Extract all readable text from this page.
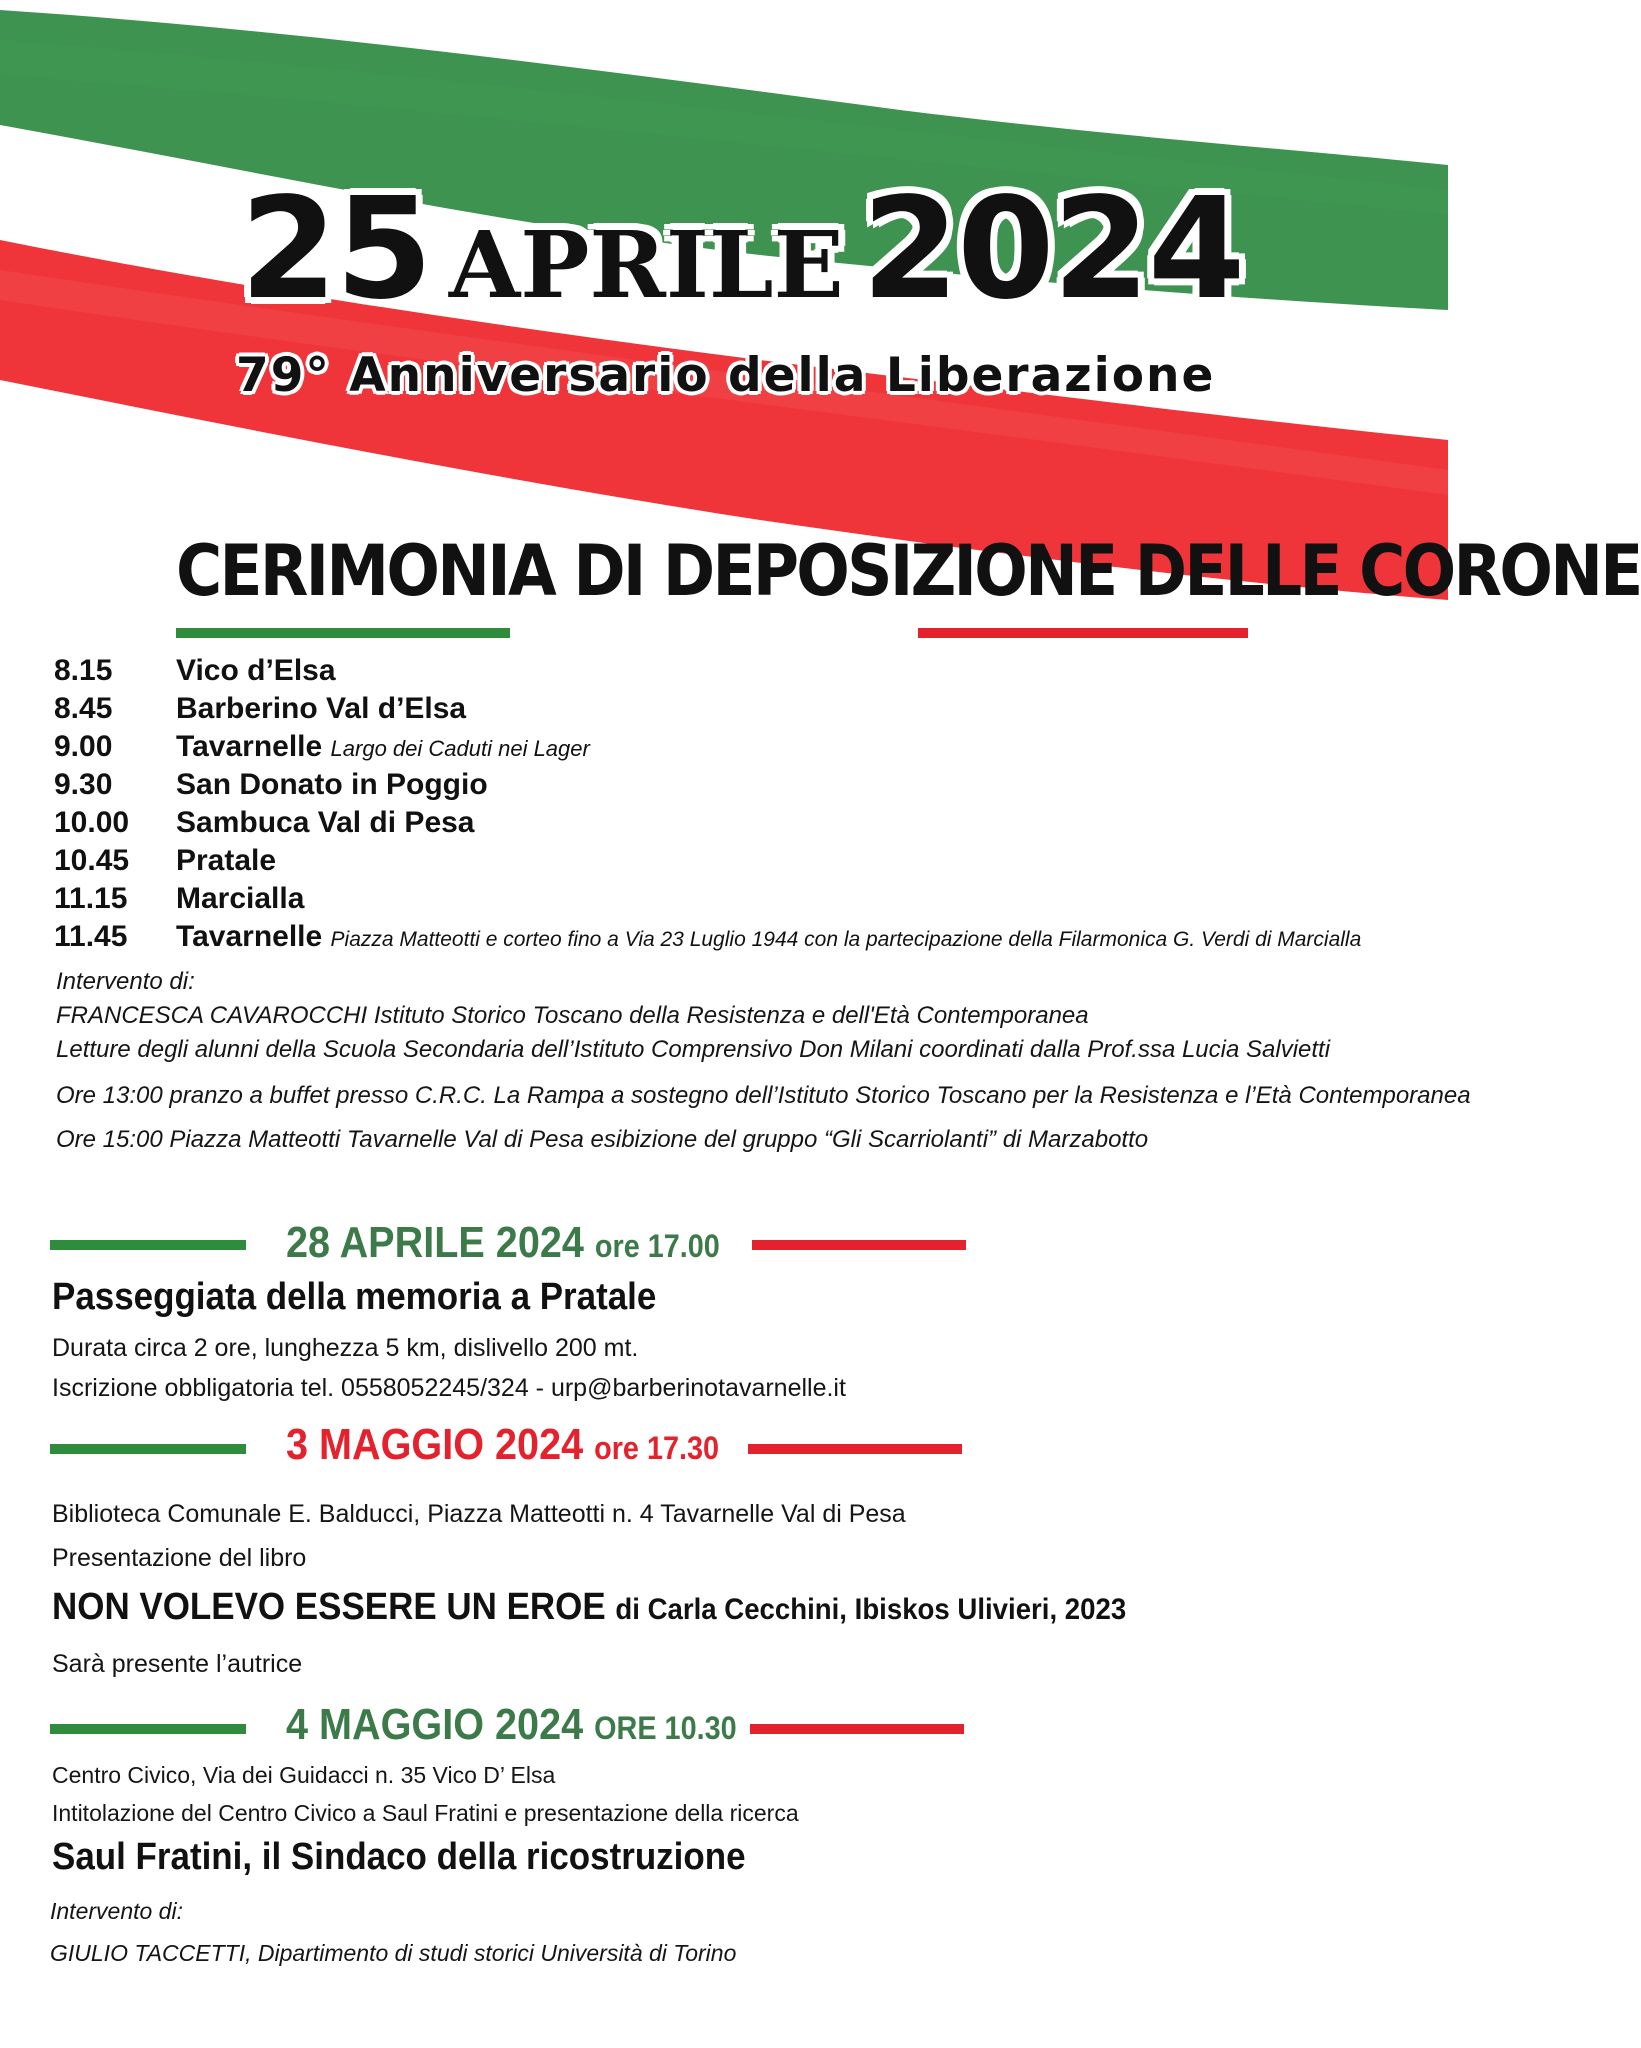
25 APRILE 2024
79° Anniversario della Liberazione
CERIMONIA DI DEPOSIZIONE DELLE CORONE
8.15 Vico d’Elsa
8.45 Barberino Val d’Elsa
9.00 Tavarnelle Largo dei Caduti nei Lager
9.30 San Donato in Poggio
10.00 Sambuca Val di Pesa
10.45 Pratale
11.15 Marcialla
11.45 Tavarnelle Piazza Matteotti e corteo fino a Via 23 Luglio 1944 con la partecipazione della Filarmonica G. Verdi di Marcialla
Intervento di:
FRANCESCA CAVAROCCHI Istituto Storico Toscano della Resistenza e dell'Età Contemporanea
Letture degli alunni della Scuola Secondaria dell’Istituto Comprensivo Don Milani coordinati dalla Prof.ssa Lucia Salvietti
Ore 13:00 pranzo a buffet presso C.R.C. La Rampa a sostegno dell’Istituto Storico Toscano per la Resistenza e l’Età Contemporanea
Ore 15:00 Piazza Matteotti Tavarnelle Val di Pesa esibizione del gruppo “Gli Scarriolanti” di Marzabotto
28 APRILE 2024 ore 17.00
Passeggiata della memoria a Pratale
Durata circa 2 ore, lunghezza 5 km, dislivello 200 mt.
Iscrizione obbligatoria tel. 0558052245/324 - urp@barberinotavarnelle.it
3 MAGGIO 2024 ore 17.30
Biblioteca Comunale E. Balducci, Piazza Matteotti n. 4 Tavarnelle Val di Pesa
Presentazione del libro
NON VOLEVO ESSERE UN EROE di Carla Cecchini, Ibiskos Ulivieri, 2023
Sarà presente l’autrice
4 MAGGIO 2024 ORE 10.30
Centro Civico, Via dei Guidacci n. 35 Vico D’ Elsa
Intitolazione del Centro Civico a Saul Fratini e presentazione della ricerca
Saul Fratini, il Sindaco della ricostruzione
Intervento di:
GIULIO TACCETTI, Dipartimento di studi storici Università di Torino
